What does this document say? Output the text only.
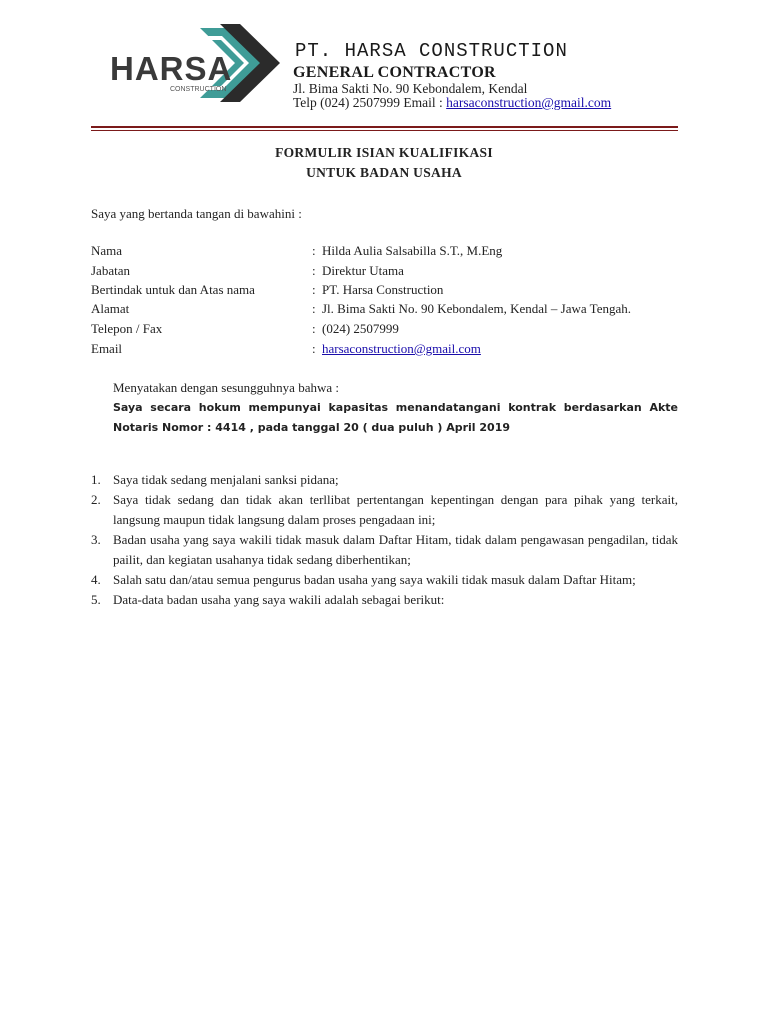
HARSA
CONSTRUCTION
PT. HARSA CONSTRUCTION
GENERAL CONTRACTOR
Jl. Bima Sakti No. 90 Kebondalem, Kendal
Telp (024) 2507999 Email : harsaconstruction@gmail.com
FORMULIR ISIAN KUALIFIKASI
UNTUK BADAN USAHA
Saya yang bertanda tangan di bawahini :
Nama	: Hilda Aulia Salsabilla S.T., M.Eng
Jabatan	: Direktur Utama
Bertindak untuk dan Atas nama	: PT. Harsa Construction
Alamat	: Jl. Bima Sakti No. 90 Kebondalem, Kendal – Jawa Tengah.
Telepon / Fax	: (024) 2507999
Email	: harsaconstruction@gmail.com
Menyatakan dengan sesungguhnya bahwa :
Saya secara hokum mempunyai kapasitas menandatangani kontrak berdasarkan Akte Notaris Nomor : 4414 , pada tanggal 20 ( dua puluh ) April 2019
1. Saya tidak sedang menjalani sanksi pidana;
2. Saya tidak sedang dan tidak akan terllibat pertentangan kepentingan dengan para pihak yang terkait, langsung maupun tidak langsung dalam proses pengadaan ini;
3. Badan usaha yang saya wakili tidak masuk dalam Daftar Hitam, tidak dalam pengawasan pengadilan, tidak pailit, dan kegiatan usahanya tidak sedang diberhentikan;
4. Salah satu dan/atau semua pengurus badan usaha yang saya wakili tidak masuk dalam Daftar Hitam;
5. Data-data badan usaha yang saya wakili adalah sebagai berikut:
